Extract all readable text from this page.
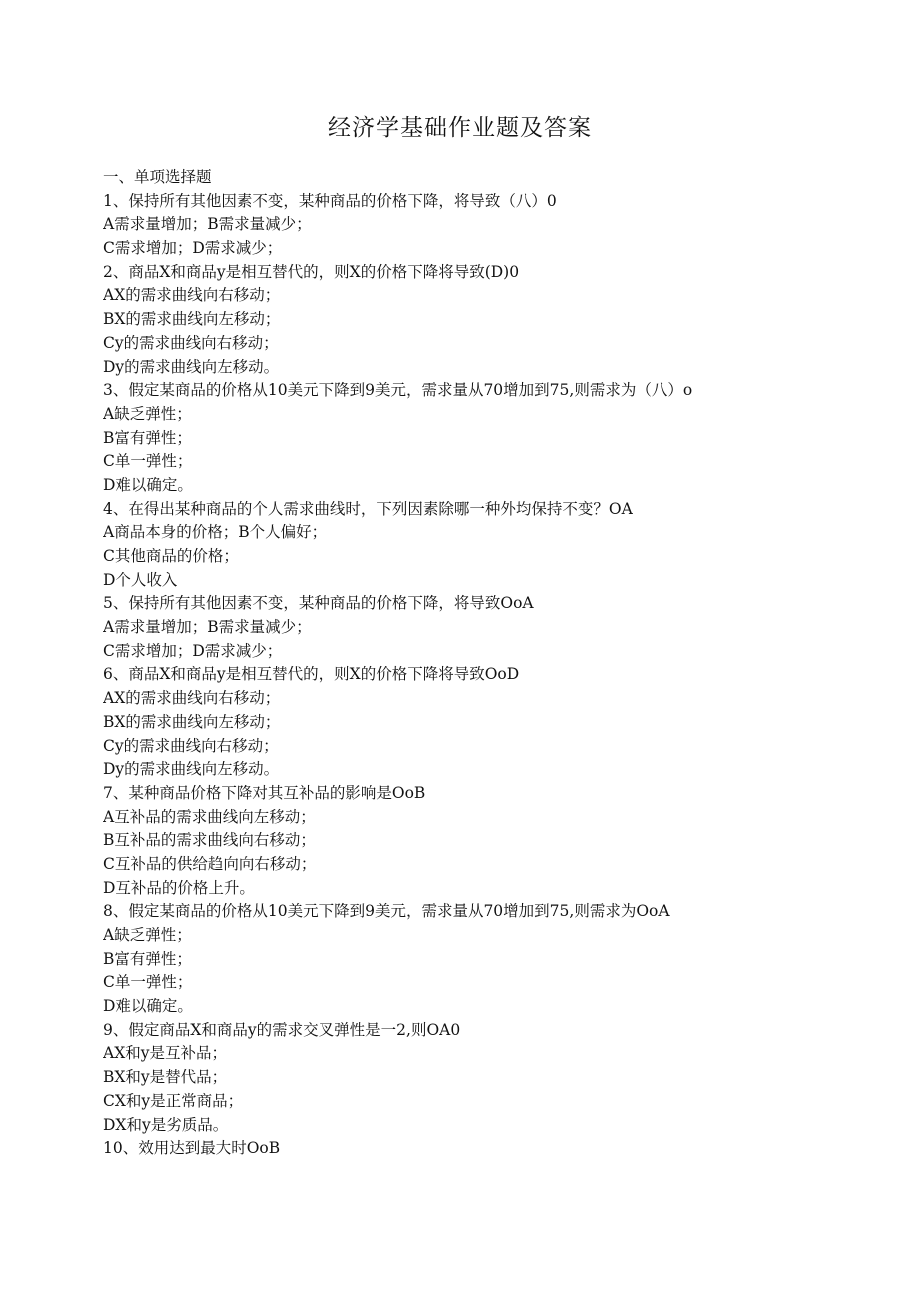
经济学基础作业题及答案
一、单项选择题
1、保持所有其他因素不变，某种商品的价格下降，将导致（八）0
A需求量增加；B需求量减少；
C需求增加；D需求减少；
2、商品X和商品y是相互替代的，则X的价格下降将导致(D)0
AX的需求曲线向右移动；
BX的需求曲线向左移动；
Cy的需求曲线向右移动；
Dy的需求曲线向左移动。
3、假定某商品的价格从10美元下降到9美元，需求量从70增加到75,则需求为（八）o
A缺乏弹性；
B富有弹性；
C单一弹性；
D难以确定。
4、在得出某种商品的个人需求曲线时，下列因素除哪一种外均保持不变？OA
A商品本身的价格；B个人偏好；
C其他商品的价格；
D个人收入
5、保持所有其他因素不变，某种商品的价格下降，将导致OoA
A需求量增加；B需求量减少；
C需求增加；D需求减少；
6、商品X和商品y是相互替代的，则X的价格下降将导致OoD
AX的需求曲线向右移动；
BX的需求曲线向左移动；
Cy的需求曲线向右移动；
Dy的需求曲线向左移动。
7、某种商品价格下降对其互补品的影响是OoB
A互补品的需求曲线向左移动；
B互补品的需求曲线向右移动；
C互补品的供给趋向向右移动；
D互补品的价格上升。
8、假定某商品的价格从10美元下降到9美元，需求量从70增加到75,则需求为OoA
A缺乏弹性；
B富有弹性；
C单一弹性；
D难以确定。
9、假定商品X和商品y的需求交叉弹性是一2,则OA0
AX和y是互补品；
BX和y是替代品；
CX和y是正常商品；
DX和y是劣质品。
10、效用达到最大时OoB
